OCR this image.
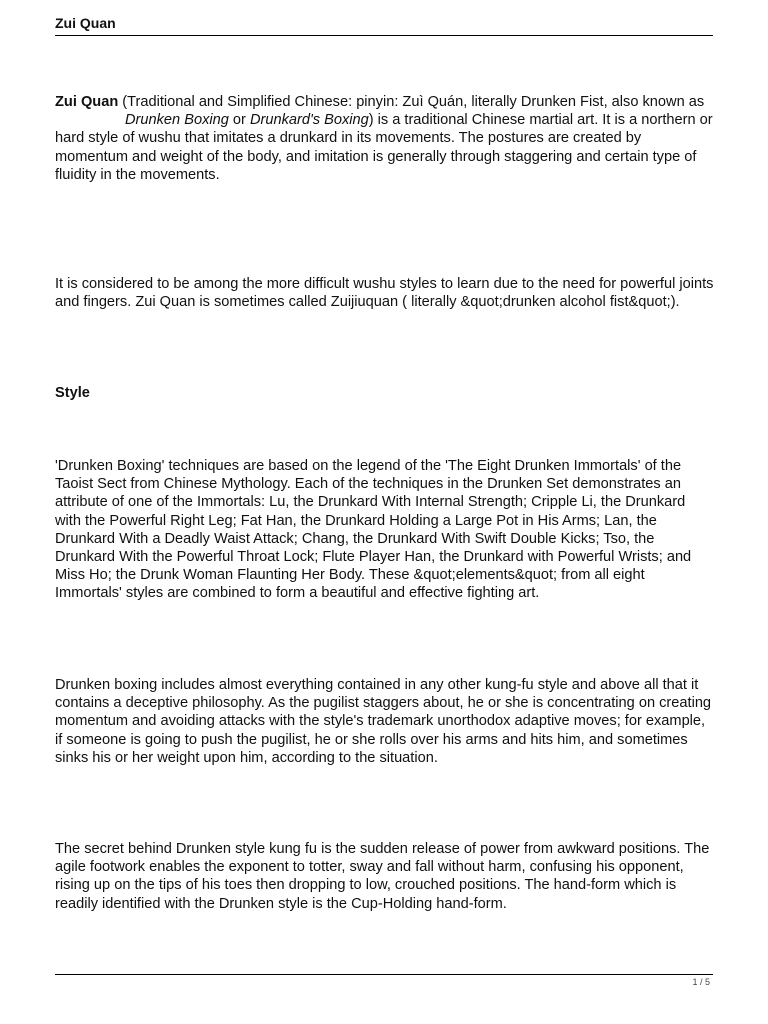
Zui Quan

Zui Quan (Traditional and Simplified Chinese: pinyin: Zuì Quán, literally Drunken Fist, also known as Drunken Boxing or Drunkard's Boxing) is a traditional Chinese martial art. It is a northern or hard style of wushu that imitates a drunkard in its movements. The postures are created by momentum and weight of the body, and imitation is generally through staggering and certain type of fluidity in the movements.

It is considered to be among the more difficult wushu styles to learn due to the need for powerful joints and fingers. Zui Quan is sometimes called Zuijiuquan ( literally &quot;drunken alcohol fist&quot;).

Style

'Drunken Boxing' techniques are based on the legend of the 'The Eight Drunken Immortals' of the Taoist Sect from Chinese Mythology. Each of the techniques in the Drunken Set demonstrates an attribute of one of the Immortals: Lu, the Drunkard With Internal Strength; Cripple Li, the Drunkard with the Powerful Right Leg; Fat Han, the Drunkard Holding a Large Pot in His Arms; Lan, the Drunkard With a Deadly Waist Attack; Chang, the Drunkard With Swift Double Kicks; Tso, the Drunkard With the Powerful Throat Lock; Flute Player Han, the Drunkard with Powerful Wrists; and Miss Ho; the Drunk Woman Flaunting Her Body. These &quot;elements&quot; from all eight Immortals' styles are combined to form a beautiful and effective fighting art.

Drunken boxing includes almost everything contained in any other kung-fu style and above all that it contains a deceptive philosophy. As the pugilist staggers about, he or she is concentrating on creating momentum and avoiding attacks with the style's trademark unorthodox adaptive moves; for example, if someone is going to push the pugilist, he or she rolls over his arms and hits him, and sometimes sinks his or her weight upon him, according to the situation.

The secret behind Drunken style kung fu is the sudden release of power from awkward positions. The agile footwork enables the exponent to totter, sway and fall without harm, confusing his opponent, rising up on the tips of his toes then dropping to low, crouched positions. The hand-form which is readily identified with the Drunken style is the Cup-Holding hand-form.

1 / 5
